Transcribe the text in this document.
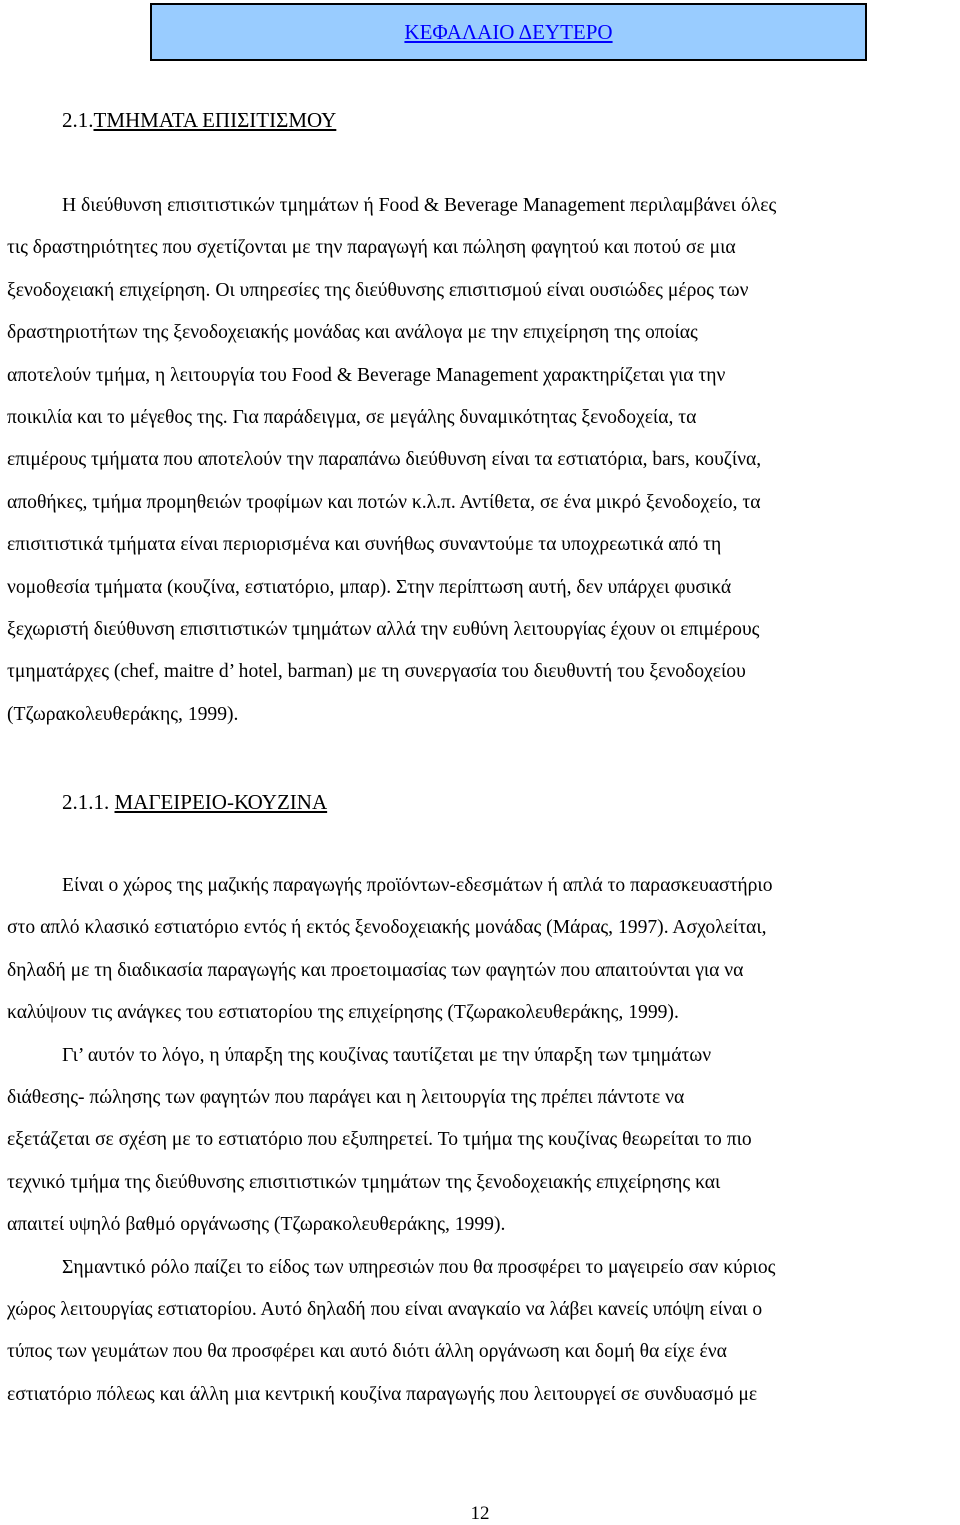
ΚΕΦΑΛΑΙΟ ΔΕΥΤΕΡΟ
2.1.ΤΜΗΜΑΤΑ ΕΠΙΣΙΤΙΣΜΟΥ
Η διεύθυνση επισιτιστικών τμημάτων ή Food & Beverage Management περιλαμβάνει όλες
τις δραστηριότητες που σχετίζονται με την παραγωγή και πώληση φαγητού και ποτού σε μια
ξενοδοχειακή επιχείρηση. Οι υπηρεσίες της διεύθυνσης επισιτισμού είναι ουσιώδες μέρος των
δραστηριοτήτων της ξενοδοχειακής μονάδας και ανάλογα με την επιχείρηση της οποίας
αποτελούν τμήμα, η λειτουργία του Food & Beverage Management χαρακτηρίζεται για την
ποικιλία και το μέγεθος της. Για παράδειγμα, σε μεγάλης δυναμικότητας ξενοδοχεία, τα
επιμέρους τμήματα που αποτελούν την παραπάνω διεύθυνση είναι τα εστιατόρια, bars, κουζίνα,
αποθήκες, τμήμα προμηθειών τροφίμων και ποτών κ.λ.π. Αντίθετα, σε ένα μικρό ξενοδοχείο, τα
επισιτιστικά τμήματα είναι περιορισμένα και συνήθως συναντούμε τα υποχρεωτικά από τη
νομοθεσία τμήματα (κουζίνα, εστιατόριο, μπαρ). Στην περίπτωση αυτή, δεν υπάρχει φυσικά
ξεχωριστή διεύθυνση επισιτιστικών τμημάτων αλλά την ευθύνη λειτουργίας έχουν οι επιμέρους
τμηματάρχες (chef, maitre d’ hotel, barman) με τη συνεργασία του διευθυντή του ξενοδοχείου
(Τζωρακολευθεράκης, 1999).
2.1.1. ΜΑΓΕΙΡΕΙΟ-ΚΟΥΖΙΝΑ
Είναι ο χώρος της μαζικής παραγωγής προϊόντων-εδεσμάτων ή απλά το παρασκευαστήριο
στο απλό κλασικό εστιατόριο εντός ή εκτός ξενοδοχειακής μονάδας (Μάρας, 1997). Ασχολείται,
δηλαδή με τη διαδικασία παραγωγής και προετοιμασίας των φαγητών που απαιτούνται για να
καλύψουν τις ανάγκες του εστιατορίου της επιχείρησης (Τζωρακολευθεράκης, 1999).
Γι’ αυτόν το λόγο, η ύπαρξη της κουζίνας ταυτίζεται με την ύπαρξη των τμημάτων
διάθεσης- πώλησης των φαγητών που παράγει και η λειτουργία της πρέπει πάντοτε να
εξετάζεται σε σχέση με το εστιατόριο που εξυπηρετεί. Το τμήμα της κουζίνας θεωρείται το πιο
τεχνικό τμήμα της διεύθυνσης επισιτιστικών τμημάτων της ξενοδοχειακής επιχείρησης και
απαιτεί υψηλό βαθμό οργάνωσης (Τζωρακολευθεράκης, 1999).
Σημαντικό ρόλο παίζει το είδος των υπηρεσιών που θα προσφέρει το μαγειρείο σαν κύριος
χώρος λειτουργίας εστιατορίου. Αυτό δηλαδή που είναι αναγκαίο να λάβει κανείς υπόψη είναι ο
τύπος των γευμάτων που θα προσφέρει και αυτό διότι άλλη οργάνωση και δομή θα είχε ένα
εστιατόριο πόλεως και άλλη μια κεντρική κουζίνα παραγωγής που λειτουργεί σε συνδυασμό με
12
